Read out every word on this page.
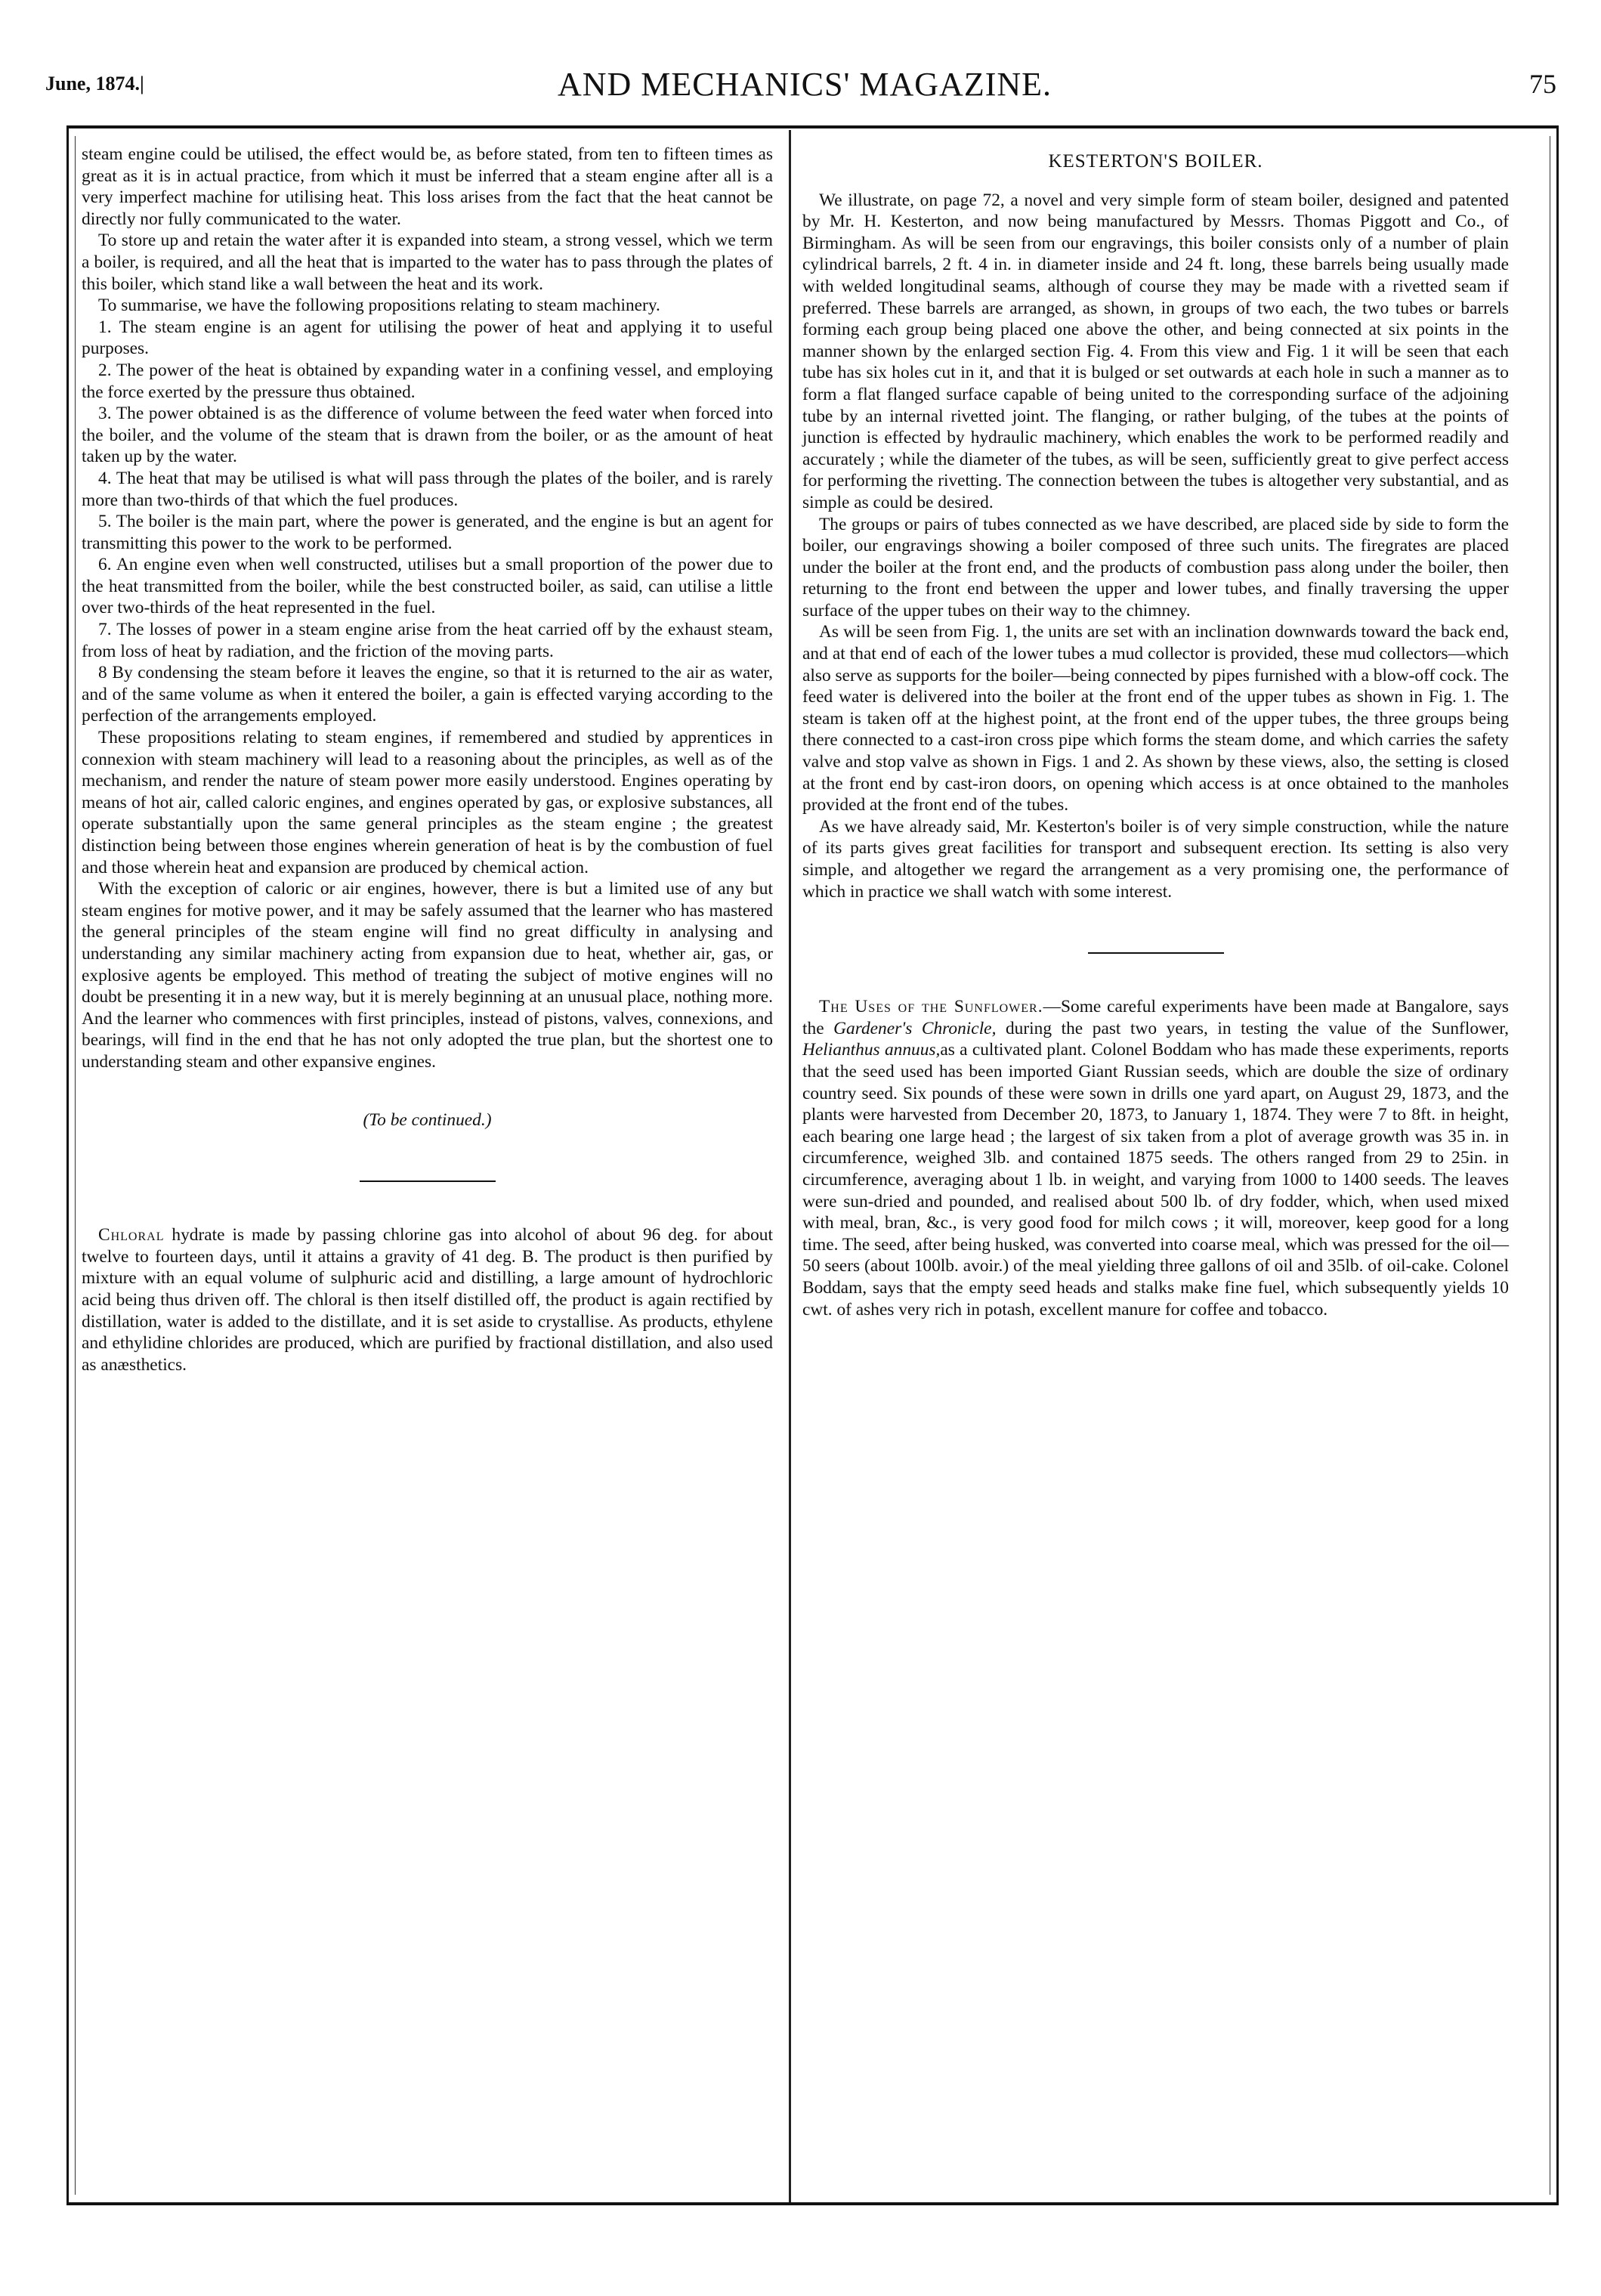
June, 1874.|	AND MECHANICS' MAGAZINE.	75

steam engine could be utilised, the effect would be, as before stated, from ten to fifteen times as great as it is in actual practice, from which it must be inferred that a steam engine after all is a very imperfect machine for utilising heat. This loss arises from the fact that the heat cannot be directly nor fully communicated to the water.

To store up and retain the water after it is expanded into steam, a strong vessel, which we term a boiler, is required, and all the heat that is imparted to the water has to pass through the plates of this boiler, which stand like a wall between the heat and its work.

To summarise, we have the following propositions relating to steam machinery.

1. The steam engine is an agent for utilising the power of heat and applying it to useful purposes.

2. The power of the heat is obtained by expanding water in a confining vessel, and employing the force exerted by the pressure thus obtained.

3. The power obtained is as the difference of volume between the feed water when forced into the boiler, and the volume of the steam that is drawn from the boiler, or as the amount of heat taken up by the water.

4. The heat that may be utilised is what will pass through the plates of the boiler, and is rarely more than two-thirds of that which the fuel produces.

5. The boiler is the main part, where the power is generated, and the engine is but an agent for transmitting this power to the work to be performed.

6. An engine even when well constructed, utilises but a small proportion of the power due to the heat transmitted from the boiler, while the best constructed boiler, as said, can utilise a little over two-thirds of the heat represented in the fuel.

7. The losses of power in a steam engine arise from the heat carried off by the exhaust steam, from loss of heat by radiation, and the friction of the moving parts.

8 By condensing the steam before it leaves the engine, so that it is returned to the air as water, and of the same volume as when it entered the boiler, a gain is effected varying according to the perfection of the arrangements employed.

These propositions relating to steam engines, if remembered and studied by apprentices in connexion with steam machinery will lead to a reasoning about the principles, as well as of the mechanism, and render the nature of steam power more easily understood. Engines operating by means of hot air, called caloric engines, and engines operated by gas, or explosive substances, all operate substantially upon the same general principles as the steam engine ; the greatest distinction being between those engines wherein generation of heat is by the combustion of fuel and those wherein heat and expansion are produced by chemical action.

With the exception of caloric or air engines, however, there is but a limited use of any but steam engines for motive power, and it may be safely assumed that the learner who has mastered the general principles of the steam engine will find no great difficulty in analysing and understanding any similar machinery acting from expansion due to heat, whether air, gas, or explosive agents be employed. This method of treating the subject of motive engines will no doubt be presenting it in a new way, but it is merely beginning at an unusual place, nothing more. And the learner who commences with first principles, instead of pistons, valves, connexions, and bearings, will find in the end that he has not only adopted the true plan, but the shortest one to understanding steam and other expansive engines.

(To be continued.)

Chloral hydrate is made by passing chlorine gas into alcohol of about 96 deg. for about twelve to fourteen days, until it attains a gravity of 41 deg. B. The product is then purified by mixture with an equal volume of sulphuric acid and distilling, a large amount of hydrochloric acid being thus driven off. The chloral is then itself distilled off, the product is again rectified by distillation, water is added to the distillate, and it is set aside to crystallise. As products, ethylene and ethylidine chlorides are produced, which are purified by fractional distillation, and also used as anæsthetics.

KESTERTON'S BOILER.

We illustrate, on page 72, a novel and very simple form of steam boiler, designed and patented by Mr. H. Kesterton, and now being manufactured by Messrs. Thomas Piggott and Co., of Birmingham. As will be seen from our engravings, this boiler consists only of a number of plain cylindrical barrels, 2 ft. 4 in. in diameter inside and 24 ft. long, these barrels being usually made with welded longitudinal seams, although of course they may be made with a rivetted seam if preferred. These barrels are arranged, as shown, in groups of two each, the two tubes or barrels forming each group being placed one above the other, and being connected at six points in the manner shown by the enlarged section Fig. 4. From this view and Fig. 1 it will be seen that each tube has six holes cut in it, and that it is bulged or set outwards at each hole in such a manner as to form a flat flanged surface capable of being united to the corresponding surface of the adjoining tube by an internal rivetted joint. The flanging, or rather bulging, of the tubes at the points of junction is effected by hydraulic machinery, which enables the work to be performed readily and accurately ; while the diameter of the tubes, as will be seen, sufficiently great to give perfect access for performing the rivetting. The connection between the tubes is altogether very substantial, and as simple as could be desired.

The groups or pairs of tubes connected as we have described, are placed side by side to form the boiler, our engravings showing a boiler composed of three such units. The firegrates are placed under the boiler at the front end, and the products of combustion pass along under the boiler, then returning to the front end between the upper and lower tubes, and finally traversing the upper surface of the upper tubes on their way to the chimney.

As will be seen from Fig. 1, the units are set with an inclination downwards toward the back end, and at that end of each of the lower tubes a mud collector is provided, these mud collectors—which also serve as supports for the boiler—being connected by pipes furnished with a blow-off cock. The feed water is delivered into the boiler at the front end of the upper tubes as shown in Fig. 1. The steam is taken off at the highest point, at the front end of the upper tubes, the three groups being there connected to a cast-iron cross pipe which forms the steam dome, and which carries the safety valve and stop valve as shown in Figs. 1 and 2. As shown by these views, also, the setting is closed at the front end by cast-iron doors, on opening which access is at once obtained to the manholes provided at the front end of the tubes.

As we have already said, Mr. Kesterton's boiler is of very simple construction, while the nature of its parts gives great facilities for transport and subsequent erection. Its setting is also very simple, and altogether we regard the arrangement as a very promising one, the performance of which in practice we shall watch with some interest.

The Uses of the Sunflower.—Some careful experiments have been made at Bangalore, says the Gardener's Chronicle, during the past two years, in testing the value of the Sunflower, Helianthus annuus,as a cultivated plant. Colonel Boddam who has made these experiments, reports that the seed used has been imported Giant Russian seeds, which are double the size of ordinary country seed. Six pounds of these were sown in drills one yard apart, on August 29, 1873, and the plants were harvested from December 20, 1873, to January 1, 1874. They were 7 to 8ft. in height, each bearing one large head ; the largest of six taken from a plot of average growth was 35 in. in circumference, weighed 3lb. and contained 1875 seeds. The others ranged from 29 to 25in. in circumference, averaging about 1 lb. in weight, and varying from 1000 to 1400 seeds. The leaves were sun-dried and pounded, and realised about 500 lb. of dry fodder, which, when used mixed with meal, bran, &c., is very good food for milch cows ; it will, moreover, keep good for a long time. The seed, after being husked, was converted into coarse meal, which was pressed for the oil—50 seers (about 100lb. avoir.) of the meal yielding three gallons of oil and 35lb. of oil-cake. Colonel Boddam, says that the empty seed heads and stalks make fine fuel, which subsequently yields 10 cwt. of ashes very rich in potash, excellent manure for coffee and tobacco.
